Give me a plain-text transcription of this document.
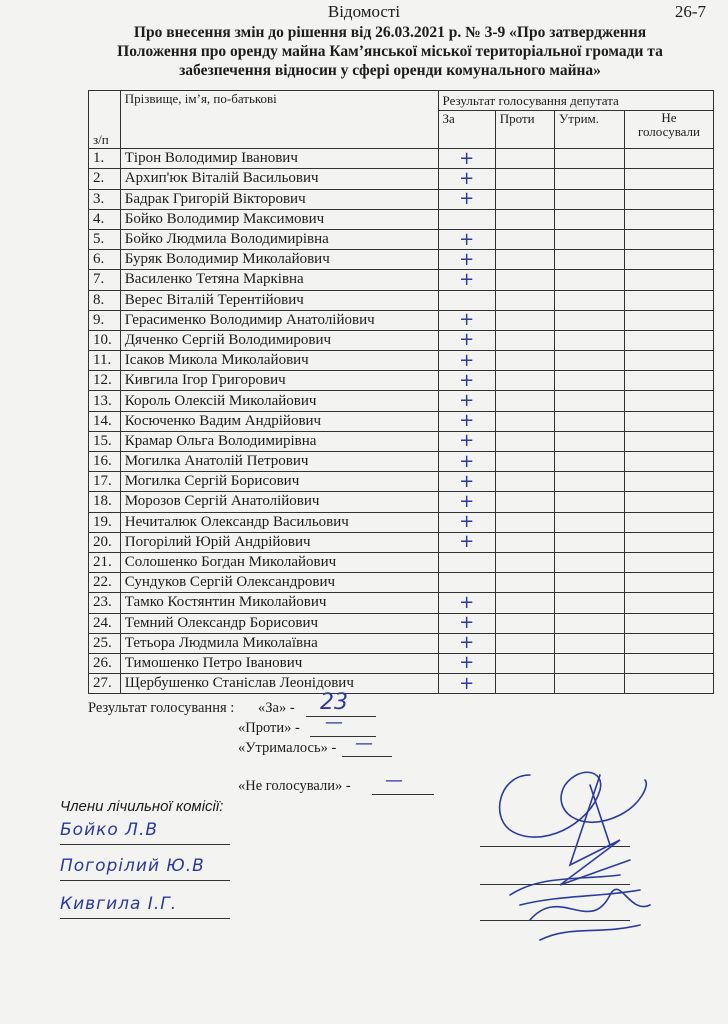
Відомості	26-7
Про внесення змін до рішення від 26.03.2021 р. № 3-9 «Про затвердження
Положення про оренду майна Кам’янської міської територіальної громади та
забезпечення відносин у сфері оренди комунального майна»
з/п	Прізвище, ім’я, по-батькові	Результат голосування депутата			
		За	Проти	Утрим.	Не голосували
1.	Тірон Володимир Іванович	+			
2.	Архип'юк Віталій Васильович	+			
3.	Бадрак Григорій Вікторович	+			
4.	Бойко Володимир Максимович				
5.	Бойко Людмила Володимирівна	+			
6.	Буряк Володимир Миколайович	+			
7.	Василенко Тетяна Марківна	+			
8.	Верес Віталій Терентійович				
9.	Герасименко Володимир Анатолійович	+			
10.	Дяченко Сергій Володимирович	+			
11.	Ісаков Микола Миколайович	+			
12.	Кивгила Ігор Григорович	+			
13.	Король Олексій Миколайович	+			
14.	Косюченко Вадим Андрійович	+			
15.	Крамар Ольга Володимирівна	+			
16.	Могилка Анатолій Петрович	+			
17.	Могилка Сергій Борисович	+			
18.	Морозов Сергій Анатолійович	+			
19.	Нечиталюк Олександр Васильович	+			
20.	Погорілий Юрій Андрійович	+			
21.	Солошенко Богдан Миколайович				
22.	Сундуков Сергій Олександрович				
23.	Тамко Костянтин Миколайович	+			
24.	Темний Олександр Борисович	+			
25.	Тетьора Людмила Миколаївна	+			
26.	Тимошенко Петро Іванович	+			
27.	Щербушенко Станіслав Леонідович	+			
Результат голосування : «За» - 23
«Проти» - —
«Утрималось» - —
«Не голосували» - —
Члени лічильної комісії:
Бойко Л.В
Погорілий Ю.В
Кивгила І.Г.
